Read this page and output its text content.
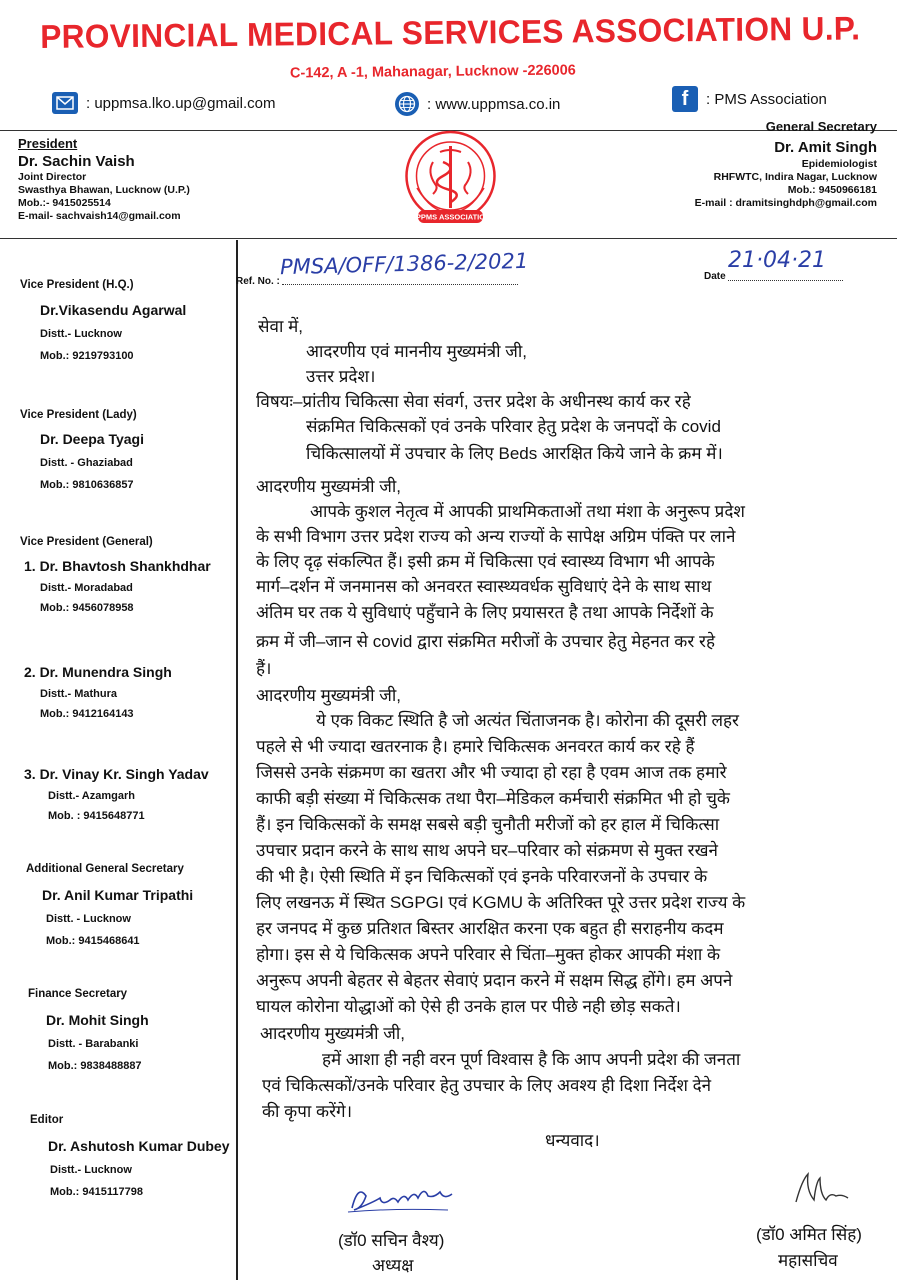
PROVINCIAL MEDICAL SERVICES ASSOCIATION U.P.
C-142, A -1, Mahanagar, Lucknow -226006
: uppmsa.lko.up@gmail.com	: www.uppmsa.co.in	f : PMS Association
President
Dr. Sachin Vaish
Joint Director
Swasthya Bhawan, Lucknow (U.P.)
Mob.:- 9415025514
E-mail- sachvaish14@gmail.com	UPPMS ASSOCIATION
General Secretary
Dr. Amit Singh
Epidemiologist
RHFWTC, Indira Nagar, Lucknow
Mob.: 9450966181
E-mail : dramitsinghdph@gmail.com
Vice President (H.Q.)
Dr.Vikasendu Agarwal
Distt.- Lucknow
Mob.: 9219793100
Vice President (Lady)
Dr. Deepa Tyagi
Distt. - Ghaziabad
Mob.: 9810636857
Vice President (General)
1. Dr. Bhavtosh Shankhdhar
Distt.- Moradabad
Mob.: 9456078958
2. Dr. Munendra Singh
Distt.- Mathura
Mob.: 9412164143
3. Dr. Vinay Kr. Singh Yadav
Distt.- Azamgarh
Mob. : 9415648771
Additional General Secretary
Dr. Anil Kumar Tripathi
Distt. - Lucknow
Mob.: 9415468641
Finance Secretary
Dr. Mohit Singh
Distt. - Barabanki
Mob.: 9838488887
Editor
Dr. Ashutosh Kumar Dubey
Distt.- Lucknow
Mob.: 9415117798
Ref. No. :
PMSA/OFF/1386-2/2021	Date
21·04·21
सेवा में,
आदरणीय एवं माननीय मुख्यमंत्री जी,
उत्तर प्रदेश।
विषयः–प्रांतीय चिकित्सा सेवा संवर्ग, उत्तर प्रदेश के अधीनस्थ कार्य कर रहे
संक्रमित चिकित्सकों एवं उनके परिवार हेतु प्रदेश के जनपदों के covid
चिकित्सालयों में उपचार के लिए Beds आरक्षित किये जाने के क्रम में।
आदरणीय मुख्यमंत्री जी,
आपके कुशल नेतृत्व में आपकी प्राथमिकताओं तथा मंशा के अनुरूप प्रदेश
के सभी विभाग उत्तर प्रदेश राज्य को अन्य राज्यों के सापेक्ष अग्रिम पंक्ति पर लाने
के लिए दृढ़ संकल्पित हैं। इसी क्रम में चिकित्सा एवं स्वास्थ्य विभाग भी आपके
मार्ग–दर्शन में जनमानस को अनवरत स्वास्थ्यवर्धक सुविधाएं देने के साथ साथ
अंतिम घर तक ये सुविधाएं पहुँचाने के लिए प्रयासरत है तथा आपके निर्देशों के
क्रम में जी–जान से covid द्वारा संक्रमित मरीजों के उपचार हेतु मेहनत कर रहे
हैं।
आदरणीय मुख्यमंत्री जी,
ये एक विकट स्थिति है जो अत्यंत चिंताजनक है। कोरोना की दूसरी लहर
पहले से भी ज्यादा खतरनाक है। हमारे चिकित्सक अनवरत कार्य कर रहे हैं
जिससे उनके संक्रमण का खतरा और भी ज्यादा हो रहा है एवम आज तक हमारे
काफी बड़ी संख्या में चिकित्सक तथा पैरा–मेडिकल कर्मचारी संक्रमित भी हो चुके
हैं। इन चिकित्सकों के समक्ष सबसे बड़ी चुनौती मरीजों को हर हाल में चिकित्सा
उपचार प्रदान करने के साथ साथ अपने घर–परिवार को संक्रमण से मुक्त रखने
की भी है। ऐसी स्थिति में इन चिकित्सकों एवं इनके परिवारजनों के उपचार के
लिए लखनऊ में स्थित SGPGI एवं KGMU के अतिरिक्त पूरे उत्तर प्रदेश राज्य के
हर जनपद में कुछ प्रतिशत बिस्तर आरक्षित करना एक बहुत ही सराहनीय कदम
होगा। इस से ये चिकित्सक अपने परिवार से चिंता–मुक्त होकर आपकी मंशा के
अनुरूप अपनी बेहतर से बेहतर सेवाएं प्रदान करने में सक्षम सिद्ध होंगे। हम अपने
घायल कोरोना योद्धाओं को ऐसे ही उनके हाल पर पीछे नही छोड़ सकते।
आदरणीय मुख्यमंत्री जी,
हमें आशा ही नही वरन पूर्ण विश्वास है कि आप अपनी प्रदेश की जनता
एवं चिकित्सकों/उनके परिवार हेतु उपचार के लिए अवश्य ही दिशा निर्देश देने
की कृपा करेंगे।
धन्यवाद।
(डॉ0 सचिन वैश्य)
अध्यक्ष
(डॉ0 अमित सिंह)
महासचिव
